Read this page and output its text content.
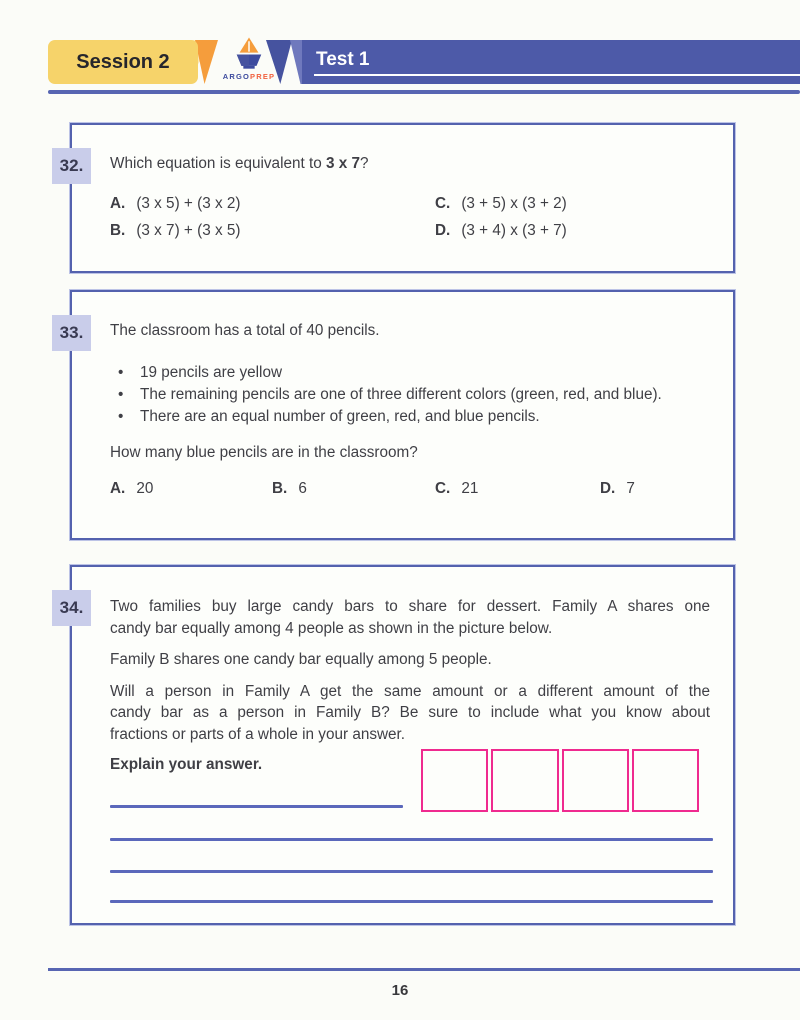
Session 2
ARGOPREP
Test 1
32.	Which equation is equivalent to 3 x 7?
A. (3 x 5) + (3 x 2)
B. (3 x 7) + (3 x 5)
C. (3 + 5) x (3 + 2)
D. (3 + 4) x (3 + 7)
33.	The classroom has a total of 40 pencils.
• 19 pencils are yellow
• The remaining pencils are one of three different colors (green, red, and blue).
• There are an equal number of green, red, and blue pencils.
How many blue pencils are in the classroom?
A. 20	B. 6	C. 21	D. 7
34.	Two families buy large candy bars to share for dessert. Family A shares one
candy bar equally among 4 people as shown in the picture below.
Family B shares one candy bar equally among 5 people.
Will a person in Family A get the same amount or a different amount of the
candy bar as a person in Family B? Be sure to include what you know about
fractions or parts of a whole in your answer.
Explain your answer.
16
